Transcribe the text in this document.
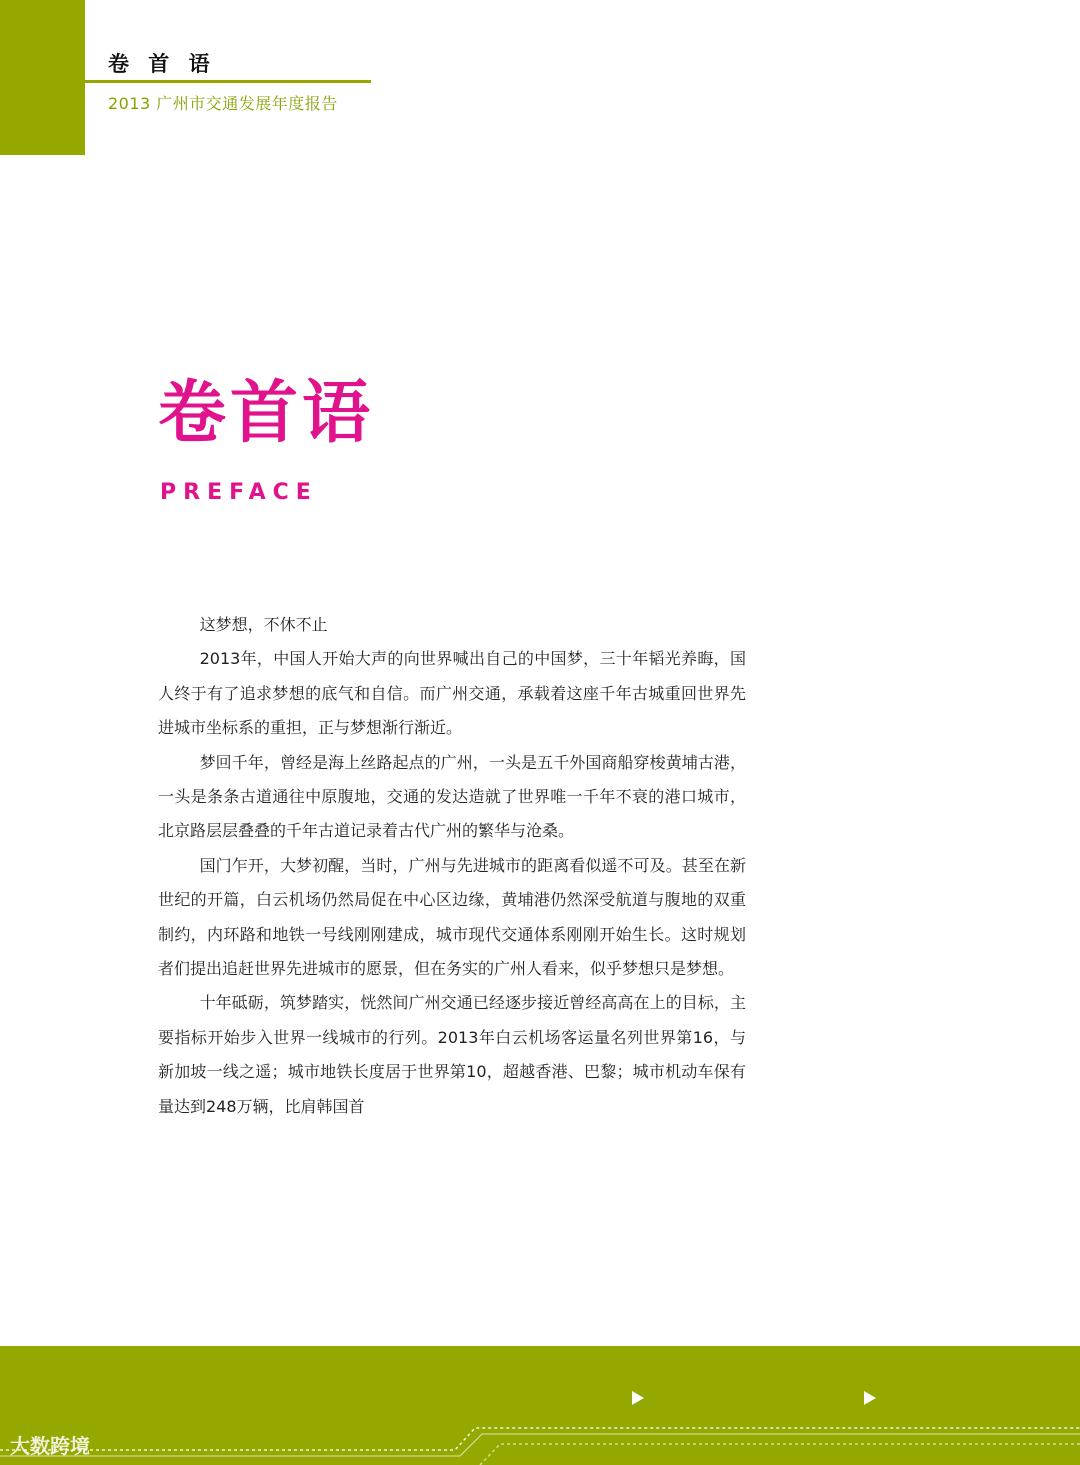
卷 首 语
2013 广州市交通发展年度报告
卷首语
PREFACE

这梦想，不休不止

2013年，中国人开始大声的向世界喊出自己的中国梦，三十年韬光养晦，国人终于有了追求梦想的底气和自信。而广州交通，承载着这座千年古城重回世界先进城市坐标系的重担，正与梦想渐行渐近。

梦回千年，曾经是海上丝路起点的广州，一头是五千外国商船穿梭黄埔古港，一头是条条古道通往中原腹地，交通的发达造就了世界唯一千年不衰的港口城市，北京路层层叠叠的千年古道记录着古代广州的繁华与沧桑。

国门乍开，大梦初醒，当时，广州与先进城市的距离看似遥不可及。甚至在新世纪的开篇，白云机场仍然局促在中心区边缘，黄埔港仍然深受航道与腹地的双重制约，内环路和地铁一号线刚刚建成，城市现代交通体系刚刚开始生长。这时规划者们提出追赶世界先进城市的愿景，但在务实的广州人看来，似乎梦想只是梦想。

十年砥砺，筑梦踏实，恍然间广州交通已经逐步接近曾经高高在上的目标，主要指标开始步入世界一线城市的行列。2013年白云机场客运量名列世界第16，与新加坡一线之遥；城市地铁长度居于世界第10，超越香港、巴黎；城市机动车保有量达到248万辆，比肩韩国首

大数跨境
